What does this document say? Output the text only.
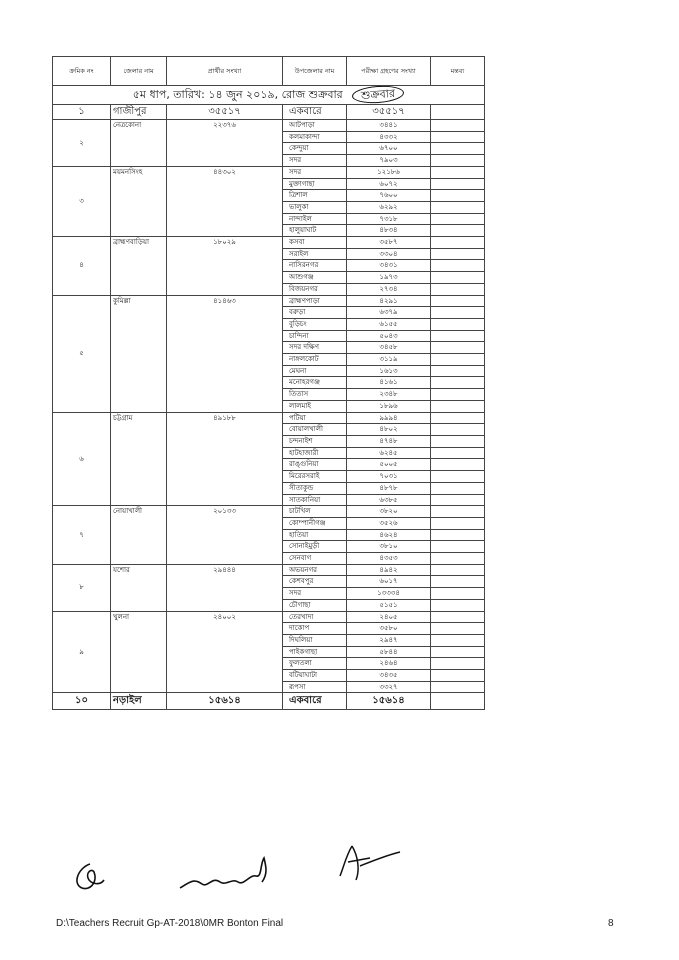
ক্রমিক নং	জেলার নাম	প্রার্থীর সংখ্যা	উপজেলার নাম	পরীক্ষা গ্রহণের সংখ্যা	মন্তব্য
৫ম ধাপ, তারিখ: ১৪ জুন ২০১৯, রোজ শুক্রবার শুক্রবার					
১	গাজীপুর	৩৫৫১৭	একবারে	৩৫৫১৭	
২	নেত্রকোনা	২২৩৭৬	আটপাড়া	৩৪৪১	
			কলমাকান্দা	৪৩৩২	
			কেন্দুয়া	৬৭০০	
			সদর	৭৯০৩	
৩	ময়মনসিংহ	৪৪৩০২	সদর	১২১৮৬	
			মুক্তাগাছা	৬০৭২	
			ত্রিশাল	৭৬০০	
			ভালুকা	৬২৯২	
			নান্দাইল	৭৩১৮	
			হালুয়াঘাট	৪৮৩৪	
৪	ব্রাহ্মণবাড়িয়া	১৮০২৯	কসবা	৩৫৮৭	
			সরাইল	৩৩০৪	
			নাসিরনগর	৩৪৩১	
			আশুগঞ্জ	১৯৭৩	
			বিজয়নগর	২৭৩৪	
৫	কুমিল্লা	৪১৪৬৩	ব্রাহ্মণপাড়া	৪২৯১	
			বরুড়া	৬৩৭৯	
			বুড়িচং	৬১৫৫	
			চান্দিনা	৫০৪৩	
			সদর দক্ষিণ	৩৪৫৮	
			নাঙ্গলকোট	৩১১৯	
			মেঘনা	১৬১৩	
			মনোহরগঞ্জ	৪১৬১	
			তিতাস	২৩৪৮	
			লালমাই	১৮৯৬	
৬	চট্টগ্রাম	৪৯১৮৮	পটিয়া	৯৯৯৪	
			বোয়ালখালী	৪৮০২	
			চন্দনাইশ	৪৭৪৮	
			হাটহাজারী	৬২৪৫	
			রাঙ্গুনিয়া	৫০০৫	
			মিরেরসরাই	৭০৩১	
			সীতাকুন্ড	৪৮৭৮	
			সাতকানিয়া	৬৩৮৫	
৭	নোয়াখালী	২০১৩৩	চাটখিল	৩৮২০	
			কোম্পানীগঞ্জ	৩৫২৬	
			হাতিয়া	৪৬২৪	
			সোনাইমুড়ী	৩৮১০	
			সেনবাগ	৪৩৫৩	
৮	যশোর	২৯৪৪৪	অভয়নগর	৪৯৪২	
			কেশবপুর	৬০১৭	
			সদর	১৩৩৩৪	
			চৌগাছা	৫১৫১	
৯	খুলনা	২৪০০২	তেরখাদা	২৪০৫	
			দাকোপ	৩৫৮০	
			দিঘলিয়া	২৯৪৭	
			পাইকগাছা	৫৮৪৪	
			ফুলতলা	২৪৬৪	
			বটিয়াঘাটা	৩৪৩৫	
			রূপসা	৩৩২৭	
১০	নড়াইল	১৫৬১৪	একবারে	১৫৬১৪	
D:\Teachers Recruit Gp-AT-2018\0MR Bonton Final	8
